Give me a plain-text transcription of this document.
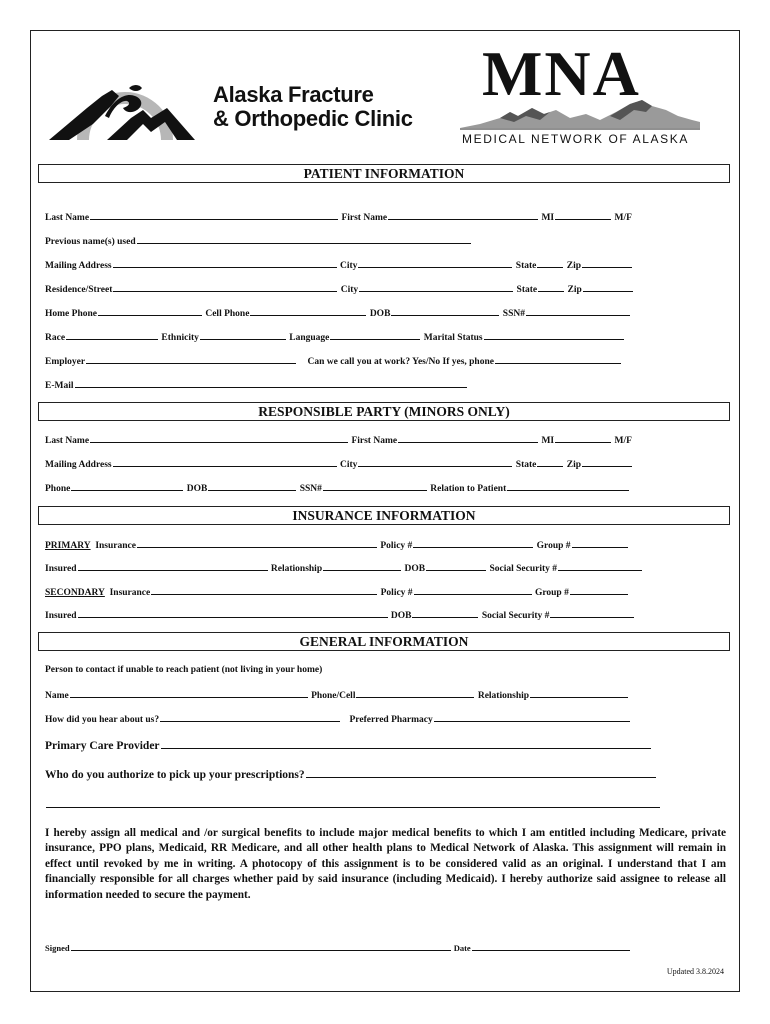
Alaska Fracture
& Orthopedic Clinic
MNA
MEDICAL NETWORK OF ALASKA
PATIENT INFORMATION
Last Name	First Name	MI	M/F
Previous name(s) used
Mailing Address	City	State	Zip
Residence/Street	City	State	Zip
Home Phone	Cell Phone	DOB	SSN#
Race	Ethnicity	Language	Marital Status
Employer	Can we call you at work? Yes/No If yes, phone
E-Mail
RESPONSIBLE PARTY (MINORS ONLY)
Last Name	First Name	MI	M/F
Mailing Address	City	State	Zip
Phone	DOB	SSN#	Relation to Patient
INSURANCE INFORMATION
PRIMARY Insurance	Policy #	Group #
Insured	Relationship	DOB	Social Security #
SECONDARY Insurance	Policy #	Group #
Insured	DOB	Social Security #
GENERAL INFORMATION
Person to contact if unable to reach patient (not living in your home)
Name	Phone/Cell	Relationship
How did you hear about us?	Preferred Pharmacy
Primary Care Provider
Who do you authorize to pick up your prescriptions?
I hereby assign all medical and /or surgical benefits to include major medical benefits to which I am entitled including Medicare, private insurance, PPO plans, Medicaid, RR Medicare, and all other health plans to Medical Network of Alaska. This assignment will remain in effect until revoked by me in writing. A photocopy of this assignment is to be considered valid as an original. I understand that I am financially responsible for all charges whether paid by said insurance (including Medicaid). I hereby authorize said assignee to release all information needed to secure the payment.
Signed	Date
Updated 3.8.2024
